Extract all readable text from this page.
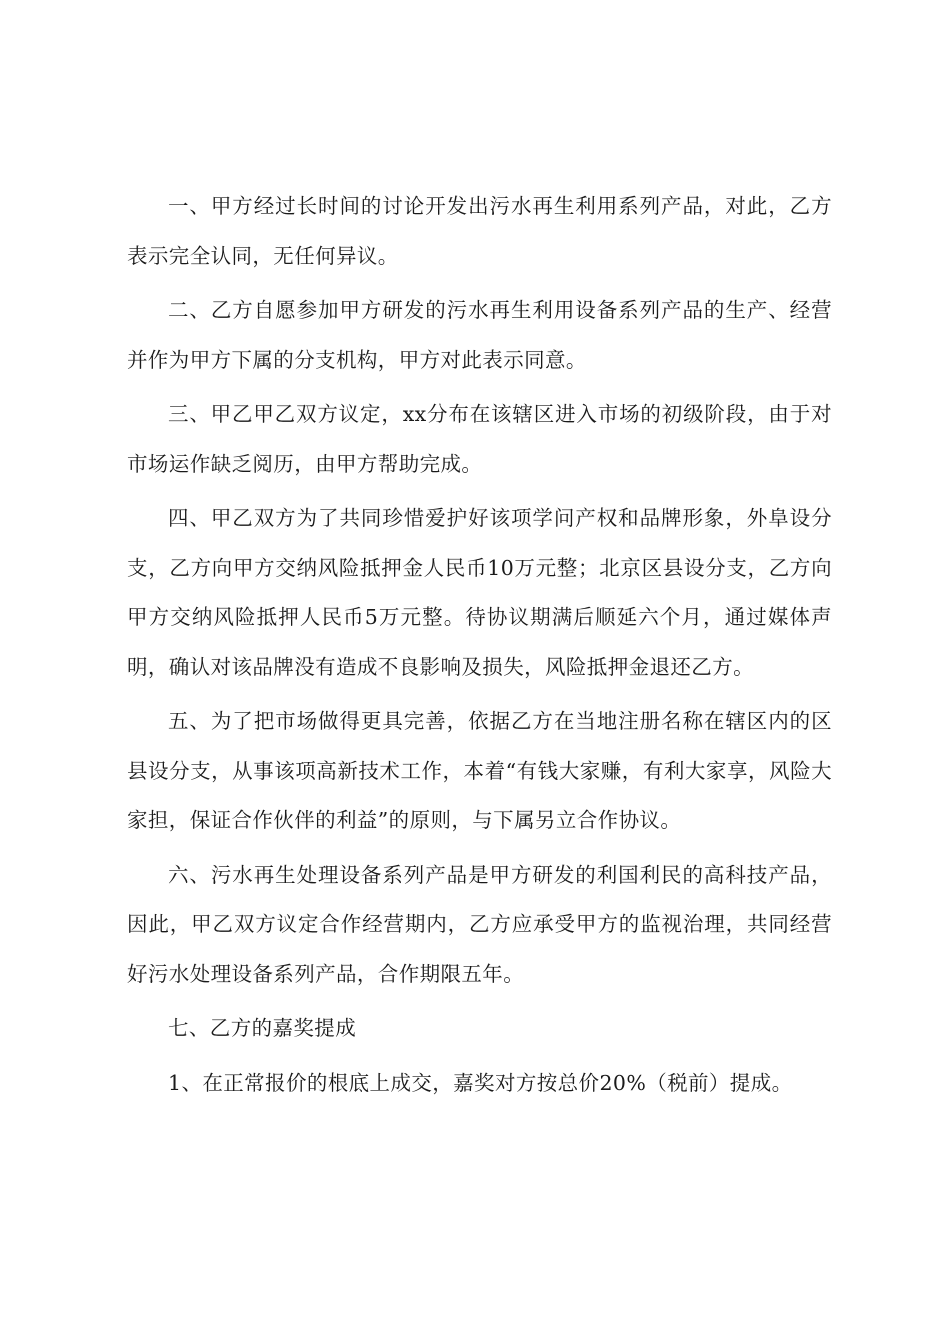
一、甲方经过长时间的讨论开发出污水再生利用系列产品，对此，乙方表示完全认同，无任何异议。

二、乙方自愿参加甲方研发的污水再生利用设备系列产品的生产、经营并作为甲方下属的分支机构，甲方对此表示同意。

三、甲乙甲乙双方议定，xx分布在该辖区进入市场的初级阶段，由于对市场运作缺乏阅历，由甲方帮助完成。

四、甲乙双方为了共同珍惜爱护好该项学问产权和品牌形象，外阜设分支，乙方向甲方交纳风险抵押金人民币10万元整；北京区县设分支，乙方向甲方交纳风险抵押人民币5万元整。待协议期满后顺延六个月，通过媒体声明，确认对该品牌没有造成不良影响及损失，风险抵押金退还乙方。

五、为了把市场做得更具完善，依据乙方在当地注册名称在辖区内的区县设分支，从事该项高新技术工作，本着“有钱大家赚，有利大家享，风险大家担，保证合作伙伴的利益”的原则，与下属另立合作协议。

六、污水再生处理设备系列产品是甲方研发的利国利民的高科技产品，因此，甲乙双方议定合作经营期内，乙方应承受甲方的监视治理，共同经营好污水处理设备系列产品，合作期限五年。

七、乙方的嘉奖提成

1、在正常报价的根底上成交，嘉奖对方按总价20%（税前）提成。
